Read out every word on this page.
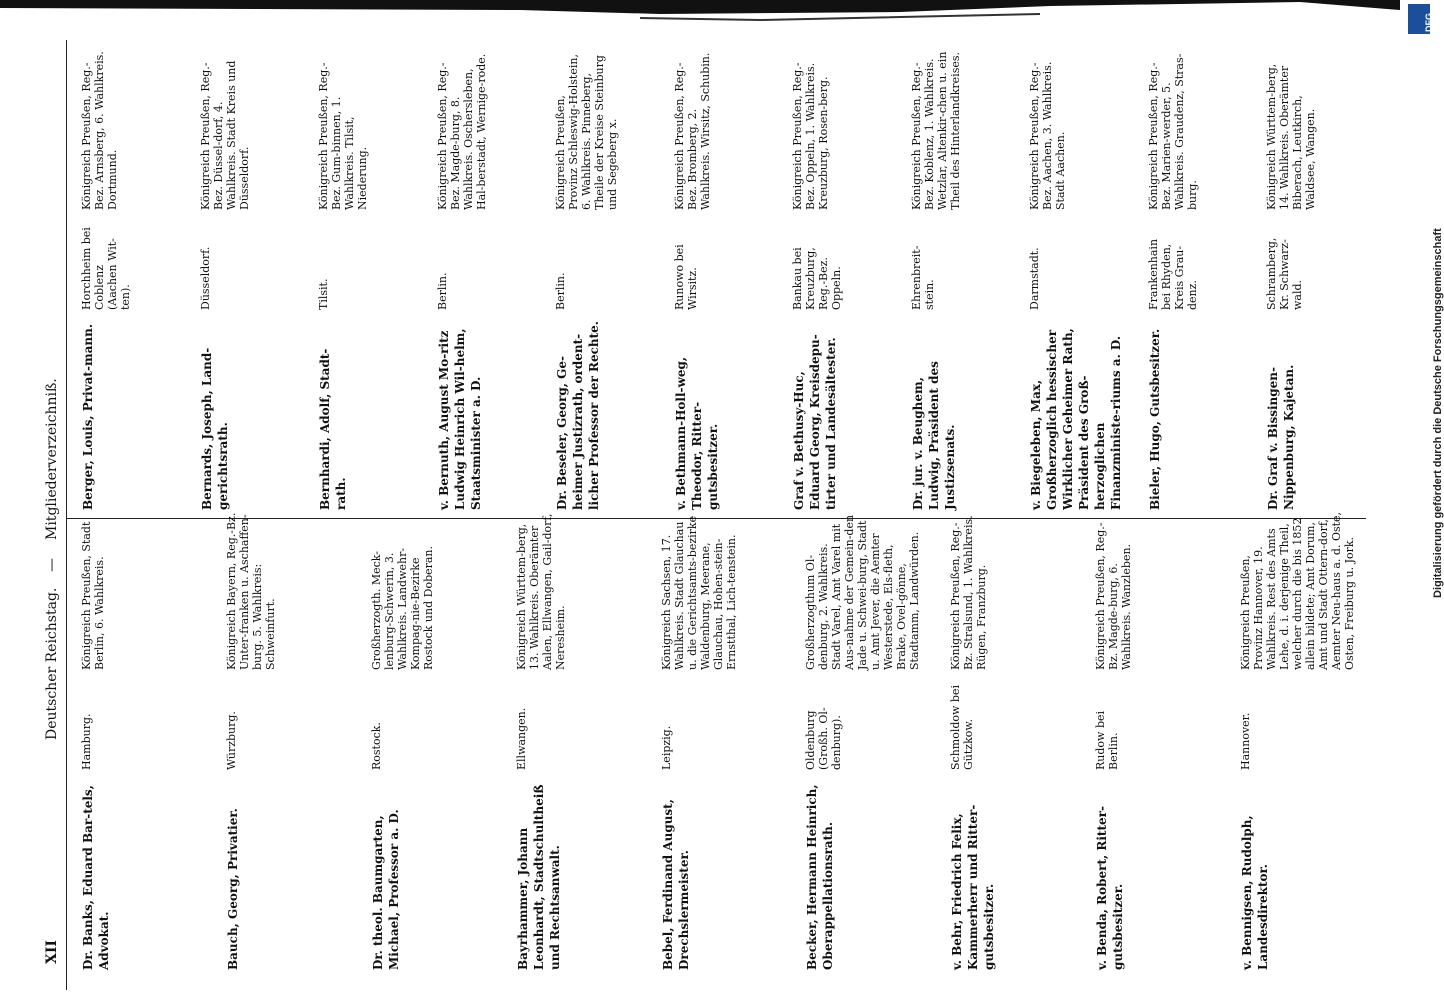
Digitalisierung gefördert durch die Deutsche Forschungsgemeinschaft
DFG
XII
Deutscher Reichstag.
—
Mitgliederverzeichniß.
Dr. Banks, Eduard Bar-tels, Advokat.
Hamburg.
Königreich Preußen, Stadt Berlin, 6. Wahlkreis.
Bauch, Georg, Privatier.
Würzburg.
Königreich Bayern, Reg.-Bz. Unter-franken u. Aschaffen-burg. 5. Wahlkreis: Schweinfurt.
Dr. theol. Baumgarten, Michael, Professor a. D.
Rostock.
Großherzogth. Meck-lenburg-Schwerin, 3. Wahlkreis. Landwehr-Kompag-nie-Bezirke Rostock und Doberan.
Bayrhammer, Johann Leonhardt, Stadtschultheiß und Rechtsanwalt.
Ellwangen.
Königreich Württem-berg, 13. Wahlkreis. Oberämter Aalen, Ellwangen, Gail-dorf, Neresheim.
Bebel, Ferdinand August, Drechslermeister.
Leipzig.
Königreich Sachsen, 17. Wahlkreis. Stadt Glauchau u. die Gerichtsamts-bezirke Waldenburg, Meerane, Glauchau, Hohen-stein-Ernstthal, Lich-tenstein.
Becker, Hermann Heinrich, Oberappellationsrath.
Oldenburg (Großh. Ol-denburg).
Großherzogthum Ol-denburg, 2. Wahlkreis. Stadt Varel, Amt Varel mit Aus-nahme der Gemein-den Jade u. Schwei-burg, Stadt u. Amt Jever, die Aemter Westerstede, Els-fleth, Brake, Ovel-gönne, Stadtamm, Landwürden.
v. Behr, Friedrich Felix, Kammerherr und Ritter-gutsbesitzer.
Schmoldow bei Gützkow.
Königreich Preußen, Reg.-Bz. Stralsund, 1. Wahlkreis. Rügen, Franzburg.
v. Benda, Robert, Ritter-gutsbesitzer.
Rudow bei Berlin.
Königreich Preußen, Reg.-Bz. Magde-burg, 6. Wahlkreis. Wanzleben.
v. Bennigsen, Rudolph, Landesdirektor.
Hannover.
Königreich Preußen, Provinz Hannover, 19. Wahlkreis. Rest des Amts Lehe, d. i. derjenige Theil, welcher durch die bis 1852 allein bildete; Amt Dorum, Amt und Stadt Ottern-dorf, Aemter Neu-haus a. d. Oste, Osten, Freiburg u. Jork.
Berger, Louis, Privat-mann.
Horchheim bei Coblenz (Aachen Wit-ten).
Königreich Preußen, Reg.-Bez. Arnsberg, 6. Wahlkreis. Dortmund.
Bernards, Joseph, Land-gerichtsrath.
Düsseldorf.
Königreich Preußen, Reg.-Bez. Düssel-dorf, 4. Wahlkreis. Stadt Kreis und Düsseldorf.
Bernhardi, Adolf, Stadt-rath.
Tilsit.
Königreich Preußen, Reg.-Bez. Gum-binnen, 1. Wahlkreis. Tilsit, Niederung.
v. Bernuth, August Mo-ritz Ludwig Heinrich Wil-helm, Staatsminister a. D.
Berlin.
Königreich Preußen, Reg.-Bez. Magde-burg, 8. Wahlkreis. Oschersleben, Hal-berstadt, Wernige-rode.
Dr. Beseler, Georg, Ge-heimer Justizrath, ordent-licher Professor der Rechte.
Berlin.
Königreich Preußen, Provinz Schleswig-Holstein, 6. Wahlkreis. Pinneberg, Theile der Kreise Steinburg und Segeberg x.
v. Bethmann-Holl-weg, Theodor, Ritter-gutsbesitzer.
Runowo bei Wirsitz.
Königreich Preußen, Reg.-Bez. Bromberg, 2. Wahlkreis. Wirsitz, Schubin.
Graf v. Bethusy-Huc, Eduard Georg, Kreisdepu-tirter und Landesältester.
Bankau bei Kreuzburg, Reg.-Bez. Oppeln.
Königreich Preußen, Reg.-Bez. Oppeln, 1. Wahlkreis. Kreuzburg, Rosen-berg.
Dr. jur. v. Beughem, Ludwig, Präsident des Justizsenats.
Ehrenbreit-stein.
Königreich Preußen, Reg.-Bez. Koblenz, 1. Wahlkreis. Wetzlar, Altenkir-chen u. ein Theil des Hinterlandkreises.
v. Biegeleben, Max, Großherzoglich hessischer Wirklicher Geheimer Rath, Präsident des Groß-herzoglichen Finanzministe-riums a. D.
Darmstadt.
Königreich Preußen, Reg.-Bez. Aachen, 3. Wahlkreis. Stadt Aachen.
Bieler, Hugo, Gutsbesitzer.
Frankenhain bei Rhyden, Kreis Grau-denz.
Königreich Preußen, Reg.-Bez. Marien-werder, 5. Wahlkreis. Graudenz, Stras-burg.
Dr. Graf v. Bissingen-Nippenburg, Kajetan.
Schramberg, Kr. Schwarz-wald.
Königreich Württem-berg, 14. Wahlkreis. Oberämter Biberach, Leutkirch, Waldsee, Wangen.
